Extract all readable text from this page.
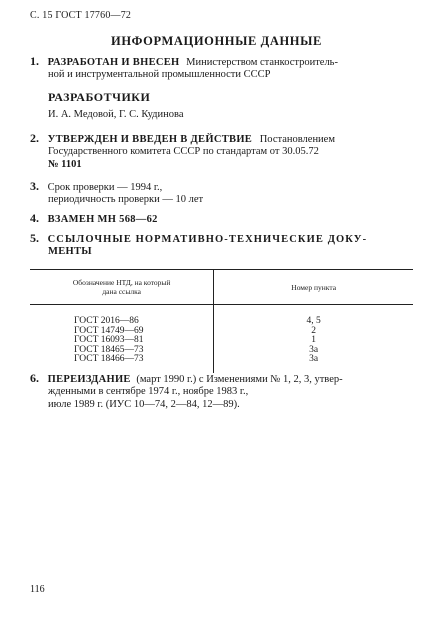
С. 15 ГОСТ 17760—72
ИНФОРМАЦИОННЫЕ ДАННЫЕ
1. РАЗРАБОТАН И ВНЕСЕН Министерством станкостроитель-
ной и инструментальной промышленности СССР
РАЗРАБОТЧИКИ
И. А. Медовой, Г. С. Кудинова
2. УТВЕРЖДЕН И ВВЕДЕН В ДЕЙСТВИЕ Постановлением
Государственного комитета СССР по стандартам от 30.05.72
№ 1101
3. Срок проверки — 1994 г.,
периодичность проверки — 10 лет
4. ВЗАМЕН МН 568—62
5. ССЫЛОЧНЫЕ НОРМАТИВНО-ТЕХНИЧЕСКИЕ ДОКУ-
МЕНТЫ
Обозначение НТД, на который
дана ссылка	Номер пункта
ГОСТ 2016—86	4, 5
ГОСТ 14749—69	2
ГОСТ 16093—81	1
ГОСТ 18465—73	3а
ГОСТ 18466—73	3а
6. ПЕРЕИЗДАНИЕ (март 1990 г.) с Изменениями № 1, 2, 3, утвер-
жденными в сентябре 1974 г., ноябре 1983 г.,
июле 1989 г. (ИУС 10—74, 2—84, 12—89).
116
